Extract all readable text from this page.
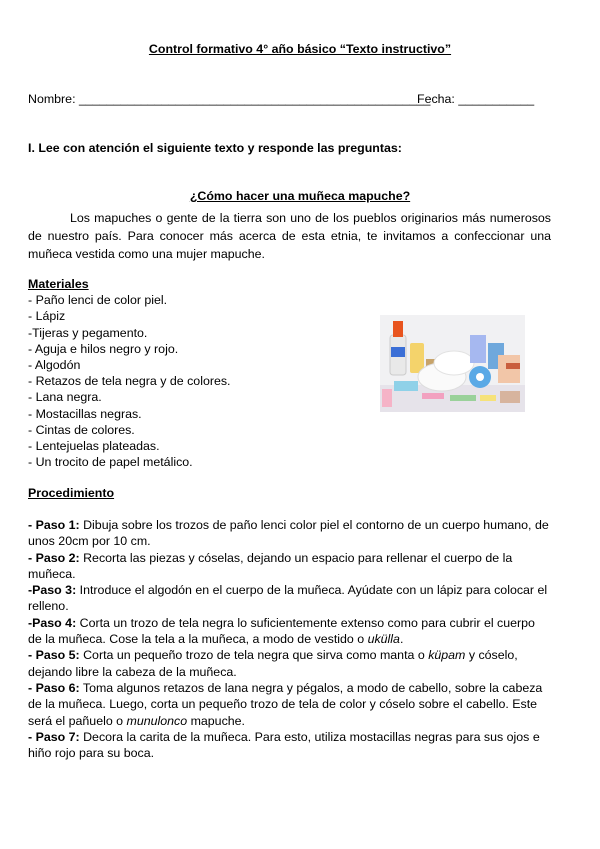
Control formativo 4° año básico “Texto instructivo”
Nombre: ___________________________________________________
Fecha: ___________
I. Lee con atención el siguiente texto y responde las preguntas:
¿Cómo hacer una muñeca mapuche?
Los mapuches o gente de la tierra son uno de los pueblos originarios más numerosos de nuestro país. Para conocer más acerca de esta etnia, te invitamos a confeccionar una muñeca vestida como una mujer mapuche.
Materiales
- Paño lenci de color piel.
- Lápiz
-Tijeras y pegamento.
- Aguja e hilos negro y rojo.
- Algodón
- Retazos de tela negra y de colores.
- Lana negra.
- Mostacillas negras.
- Cintas de colores.
- Lentejuelas plateadas.
- Un trocito de papel metálico.
Procedimiento

- Paso 1: Dibuja sobre los trozos de paño lenci color piel el contorno de un cuerpo humano, de unos 20cm por 10 cm.

- Paso 2: Recorta las piezas y cóselas, dejando un espacio para rellenar el cuerpo de la muñeca.

-Paso 3: Introduce el algodón en el cuerpo de la muñeca. Ayúdate con un lápiz para colocar el relleno.

-Paso 4: Corta un trozo de tela negra lo suficientemente extenso como para cubrir el cuerpo de la muñeca. Cose la tela a la muñeca, a modo de vestido o ukülla.

- Paso 5: Corta un pequeño trozo de tela negra que sirva como manta o küpam y cóselo, dejando libre la cabeza de la muñeca.

- Paso 6: Toma algunos retazos de lana negra y pégalos, a modo de cabello, sobre la cabeza de la muñeca. Luego, corta un pequeño trozo de tela de color y cóselo sobre el cabello. Este será el pañuelo o munulonco mapuche.

- Paso 7: Decora la carita de la muñeca. Para esto, utiliza mostacillas negras para sus ojos e hiño rojo para su boca.
